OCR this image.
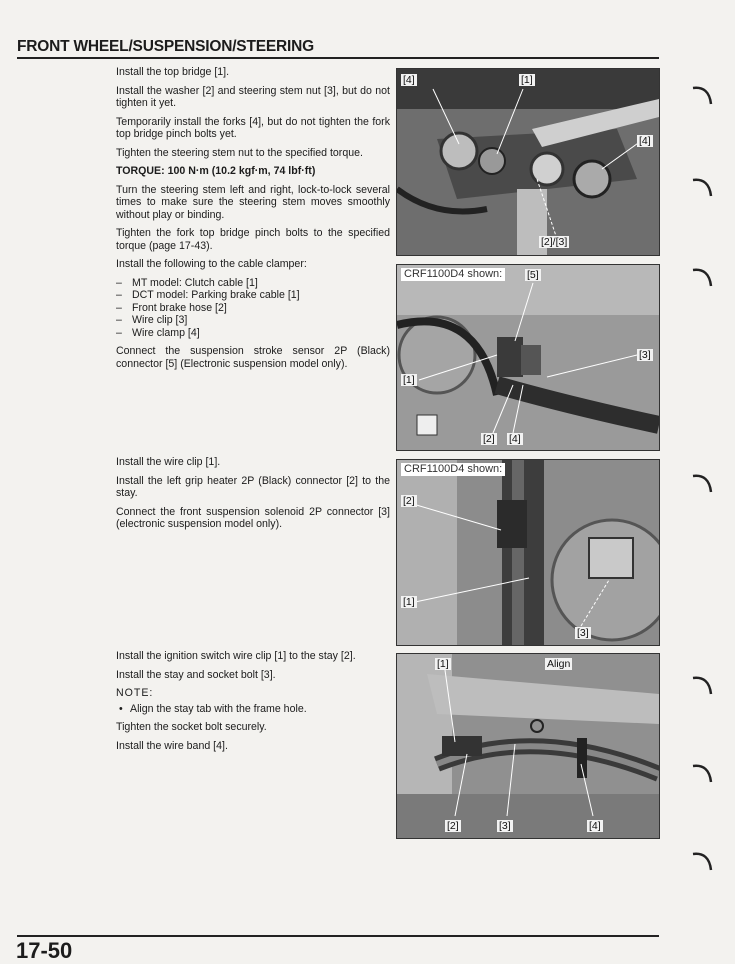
FRONT WHEEL/SUSPENSION/STEERING

Install the top bridge [1].

Install the washer [2] and steering stem nut [3], but do not tighten it yet.

Temporarily install the forks [4], but do not tighten the fork top bridge pinch bolts yet.

Tighten the steering stem nut to the specified torque.

TORQUE: 100 N·m (10.2 kgf·m, 74 lbf·ft)

Turn the steering stem left and right, lock-to-lock several times to make sure the steering stem moves smoothly without play or binding.

Tighten the fork top bridge pinch bolts to the specified torque (page 17-43).

Install the following to the cable clamper:

– MT model: Clutch cable [1]
– DCT model: Parking brake cable [1]
– Front brake hose [2]
– Wire clip [3]
– Wire clamp [4]

Connect the suspension stroke sensor 2P (Black) connector [5] (Electronic suspension model only).

Install the wire clip [1].

Install the left grip heater 2P (Black) connector [2] to the stay.

Connect the front suspension solenoid 2P connector [3] (electronic suspension model only).

Install the ignition switch wire clip [1] to the stay [2].

Install the stay and socket bolt [3].

NOTE:

• Align the stay tab with the frame hole.

Tighten the socket bolt securely.

Install the wire band [4].

[4]	[1]
[4]
[2]/[3]
CRF1100D4 shown: [5]
[3]
[1]
[2] [4]
CRF1100D4 shown:
[2]
[1]
[3]
[1]	Align
[2]	[3]	[4]
17-50
